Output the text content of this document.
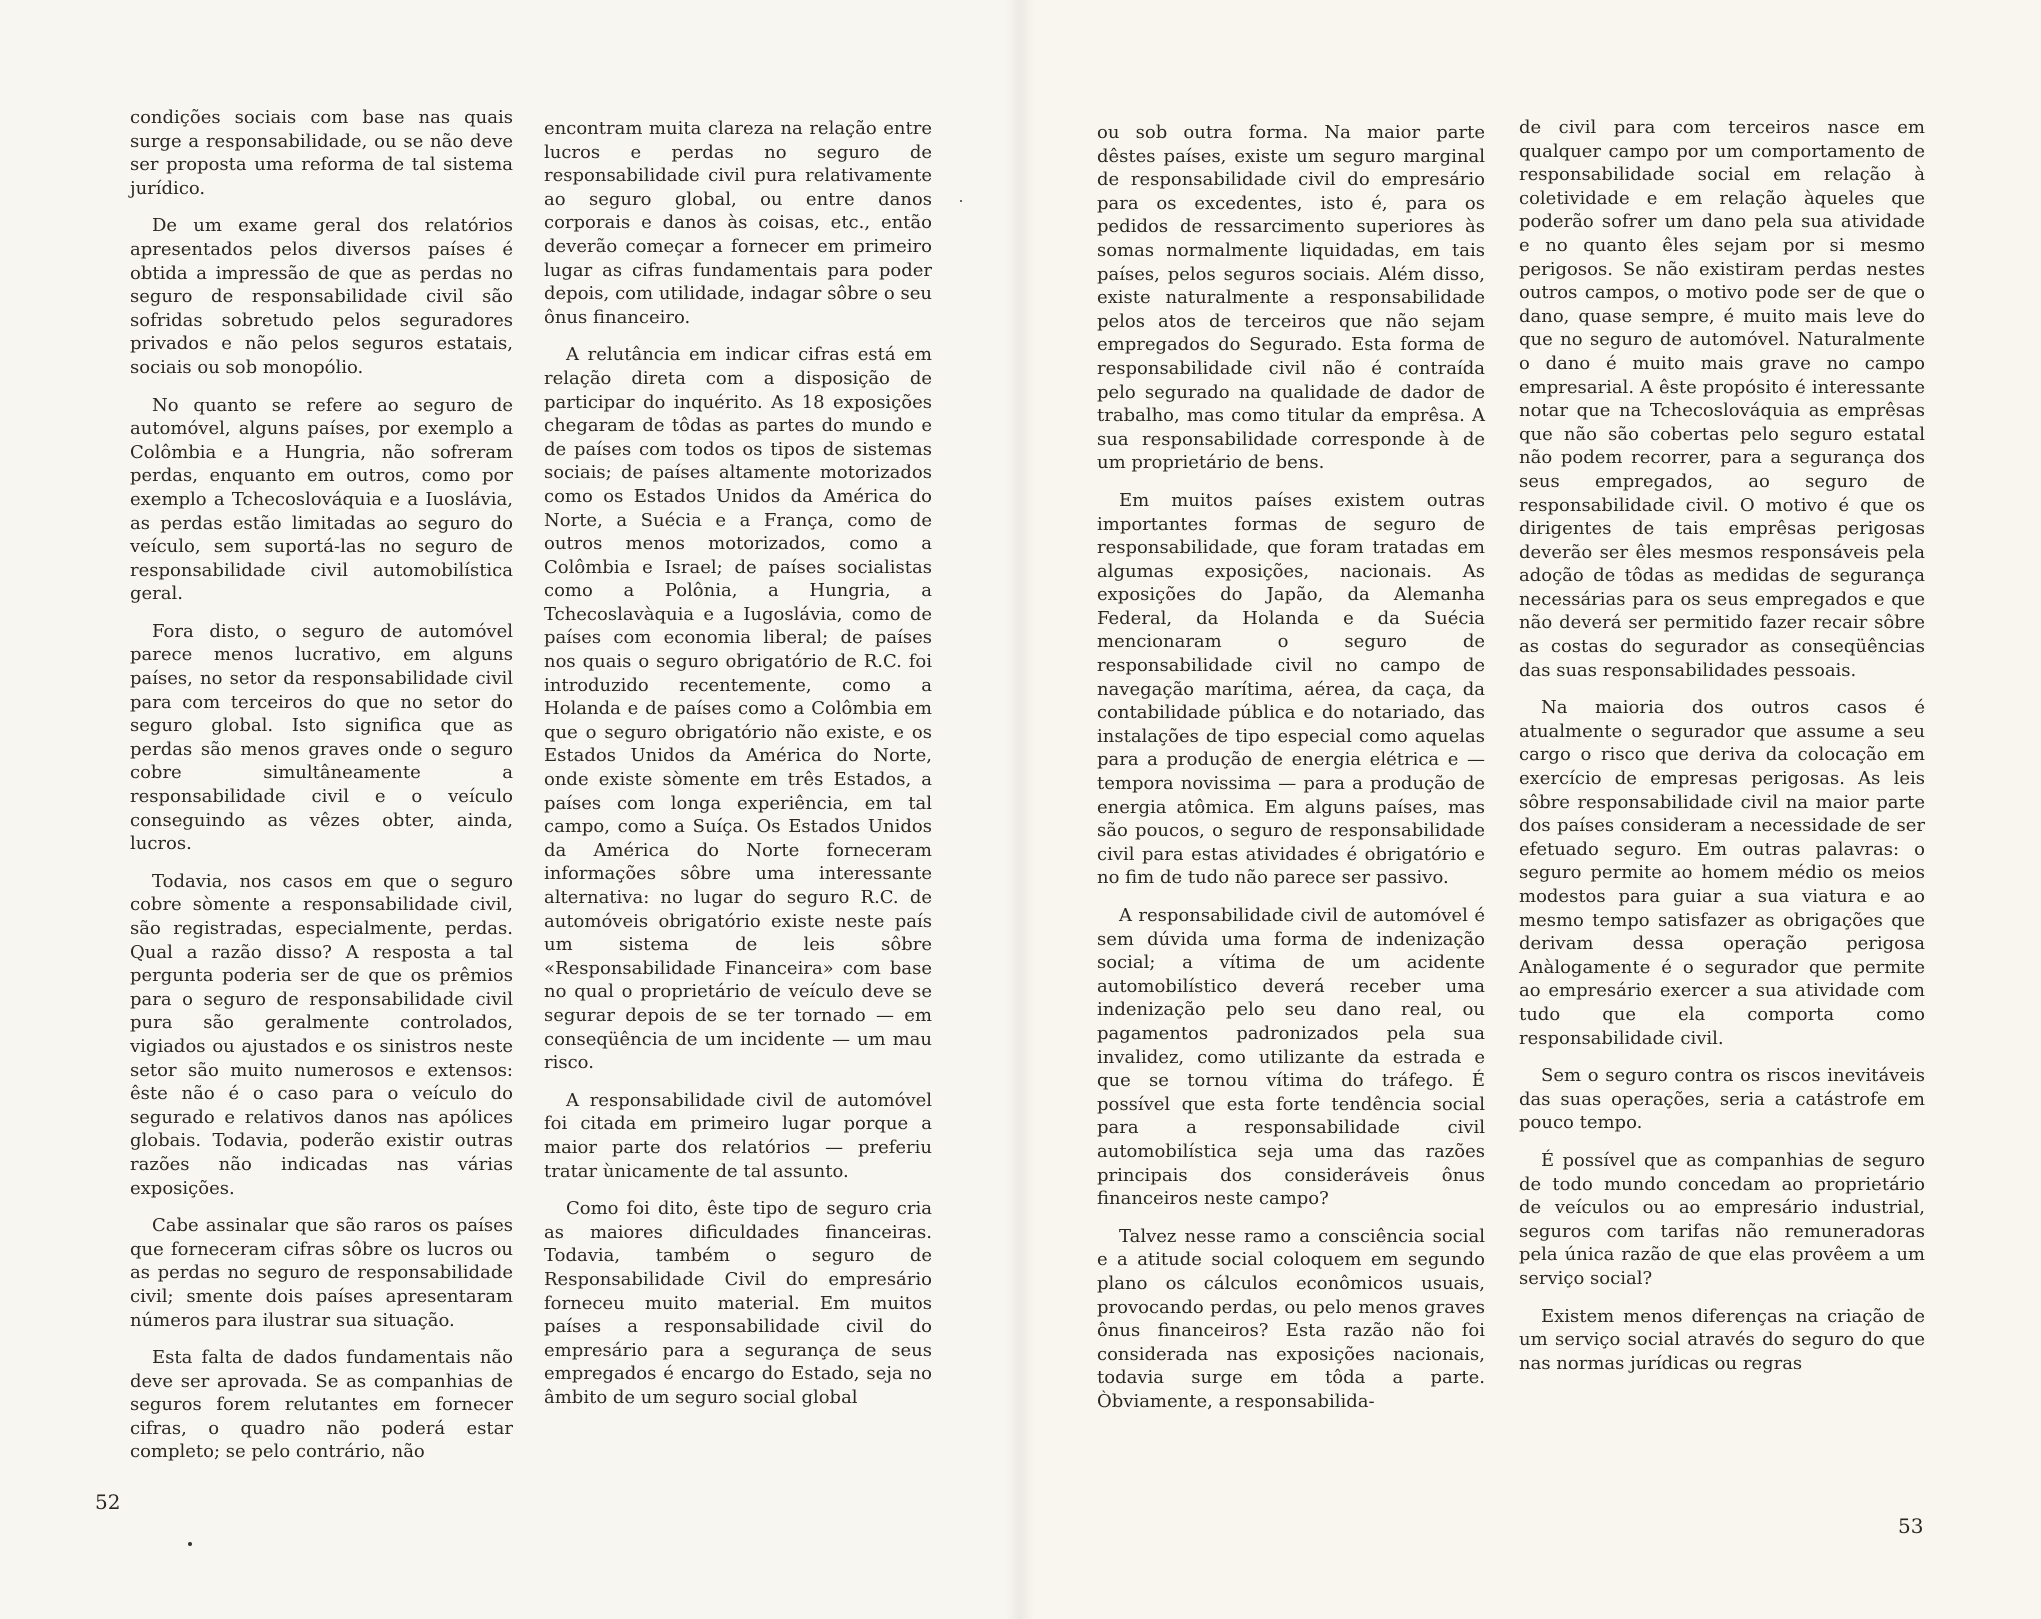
condições sociais com base nas quais surge a responsabilidade, ou se não deve ser proposta uma reforma de tal sistema jurídico.

De um exame geral dos relatórios apresentados pelos diversos países é obtida a impressão de que as perdas no seguro de responsabilidade civil são sofridas sobretudo pelos seguradores privados e não pelos seguros estatais, sociais ou sob monopólio.

No quanto se refere ao seguro de automóvel, alguns países, por exemplo a Colômbia e a Hungria, não sofreram perdas, enquanto em outros, como por exemplo a Tchecoslováquia e a Iuoslávia, as perdas estão limitadas ao seguro do veículo, sem suportá-las no seguro de responsabilidade civil automobilística geral.

Fora disto, o seguro de automóvel parece menos lucrativo, em alguns países, no setor da responsabilidade civil para com terceiros do que no setor do seguro global. Isto significa que as perdas são menos graves onde o seguro cobre simultâneamente a responsabilidade civil e o veículo conseguindo as vêzes obter, ainda, lucros.

Todavia, nos casos em que o seguro cobre sòmente a responsabilidade civil, são registradas, especialmente, perdas. Qual a razão disso? A resposta a tal pergunta poderia ser de que os prêmios para o seguro de responsabilidade civil pura são geralmente controlados, vigiados ou ajustados e os sinistros neste setor são muito numerosos e extensos: êste não é o caso para o veículo do segurado e relativos danos nas apólices globais. Todavia, poderão existir outras razões não indicadas nas várias exposições.

Cabe assinalar que são raros os países que forneceram cifras sôbre os lucros ou as perdas no seguro de responsabilidade civil; smente dois países apresentaram números para ilustrar sua situação.

Esta falta de dados fundamentais não deve ser aprovada. Se as companhias de seguros forem relutantes em fornecer cifras, o quadro não poderá estar completo; se pelo contrário, não

encontram muita clareza na relação entre lucros e perdas no seguro de responsabilidade civil pura relativamente ao seguro global, ou entre danos corporais e danos às coisas, etc., então deverão começar a fornecer em primeiro lugar as cifras fundamentais para poder depois, com utilidade, indagar sôbre o seu ônus financeiro.

A relutância em indicar cifras está em relação direta com a disposição de participar do inquérito. As 18 exposições chegaram de tôdas as partes do mundo e de países com todos os tipos de sistemas sociais; de países altamente motorizados como os Estados Unidos da América do Norte, a Suécia e a França, como de outros menos motorizados, como a Colômbia e Israel; de países socialistas como a Polônia, a Hungria, a Tchecoslavàquia e a Iugoslávia, como de países com economia liberal; de países nos quais o seguro obrigatório de R.C. foi introduzido recentemente, como a Holanda e de países como a Colômbia em que o seguro obrigatório não existe, e os Estados Unidos da América do Norte, onde existe sòmente em três Estados, a países com longa experiência, em tal campo, como a Suíça. Os Estados Unidos da América do Norte forneceram informações sôbre uma interessante alternativa: no lugar do seguro R.C. de automóveis obrigatório existe neste país um sistema de leis sôbre «Responsabilidade Financeira» com base no qual o proprietário de veículo deve se segurar depois de se ter tornado — em conseqüência de um incidente — um mau risco.

A responsabilidade civil de automóvel foi citada em primeiro lugar porque a maior parte dos relatórios — preferiu tratar ùnicamente de tal assunto.

Como foi dito, êste tipo de seguro cria as maiores dificuldades financeiras. Todavia, também o seguro de Responsabilidade Civil do empresário forneceu muito material. Em muitos países a responsabilidade civil do empresário para a segurança de seus empregados é encargo do Estado, seja no âmbito de um seguro social global

52

ou sob outra forma. Na maior parte dêstes países, existe um seguro marginal de responsabilidade civil do empresário para os excedentes, isto é, para os pedidos de ressarcimento superiores às somas normalmente liquidadas, em tais países, pelos seguros sociais. Além disso, existe naturalmente a responsabilidade pelos atos de terceiros que não sejam empregados do Segurado. Esta forma de responsabilidade civil não é contraída pelo segurado na qualidade de dador de trabalho, mas como titular da emprêsa. A sua responsabilidade corresponde à de um proprietário de bens.

Em muitos países existem outras importantes formas de seguro de responsabilidade, que foram tratadas em algumas exposições, nacionais. As exposições do Japão, da Alemanha Federal, da Holanda e da Suécia mencionaram o seguro de responsabilidade civil no campo de navegação marítima, aérea, da caça, da contabilidade pública e do notariado, das instalações de tipo especial como aquelas para a produção de energia elétrica e — tempora novissima — para a produção de energia atômica. Em alguns países, mas são poucos, o seguro de responsabilidade civil para estas atividades é obrigatório e no fim de tudo não parece ser passivo.

A responsabilidade civil de automóvel é sem dúvida uma forma de indenização social; a vítima de um acidente automobilístico deverá receber uma indenização pelo seu dano real, ou pagamentos padronizados pela sua invalidez, como utilizante da estrada e que se tornou vítima do tráfego. É possível que esta forte tendência social para a responsabilidade civil automobilística seja uma das razões principais dos consideráveis ônus financeiros neste campo?

Talvez nesse ramo a consciência social e a atitude social coloquem em segundo plano os cálculos econômicos usuais, provocando perdas, ou pelo menos graves ônus financeiros? Esta razão não foi considerada nas exposições nacionais, todavia surge em tôda a parte. Òbviamente, a responsabilida-

de civil para com terceiros nasce em qualquer campo por um comportamento de responsabilidade social em relação à coletividade e em relação àqueles que poderão sofrer um dano pela sua atividade e no quanto êles sejam por si mesmo perigosos. Se não existiram perdas nestes outros campos, o motivo pode ser de que o dano, quase sempre, é muito mais leve do que no seguro de automóvel. Naturalmente o dano é muito mais grave no campo empresarial. A êste propósito é interessante notar que na Tchecoslováquia as emprêsas que não são cobertas pelo seguro estatal não podem recorrer, para a segurança dos seus empregados, ao seguro de responsabilidade civil. O motivo é que os dirigentes de tais emprêsas perigosas deverão ser êles mesmos responsáveis pela adoção de tôdas as medidas de segurança necessárias para os seus empregados e que não deverá ser permitido fazer recair sôbre as costas do segurador as conseqüências das suas responsabilidades pessoais.

Na maioria dos outros casos é atualmente o segurador que assume a seu cargo o risco que deriva da colocação em exercício de empresas perigosas. As leis sôbre responsabilidade civil na maior parte dos países consideram a necessidade de ser efetuado seguro. Em outras palavras: o seguro permite ao homem médio os meios modestos para guiar a sua viatura e ao mesmo tempo satisfazer as obrigações que derivam dessa operação perigosa Anàlogamente é o segurador que permite ao empresário exercer a sua atividade com tudo que ela comporta como responsabilidade civil.

Sem o seguro contra os riscos inevitáveis das suas operações, seria a catástrofe em pouco tempo.

É possível que as companhias de seguro de todo mundo concedam ao proprietário de veículos ou ao empresário industrial, seguros com tarifas não remuneradoras pela única razão de que elas provêem a um serviço social?

Existem menos diferenças na criação de um serviço social através do seguro do que nas normas jurídicas ou regras

53
